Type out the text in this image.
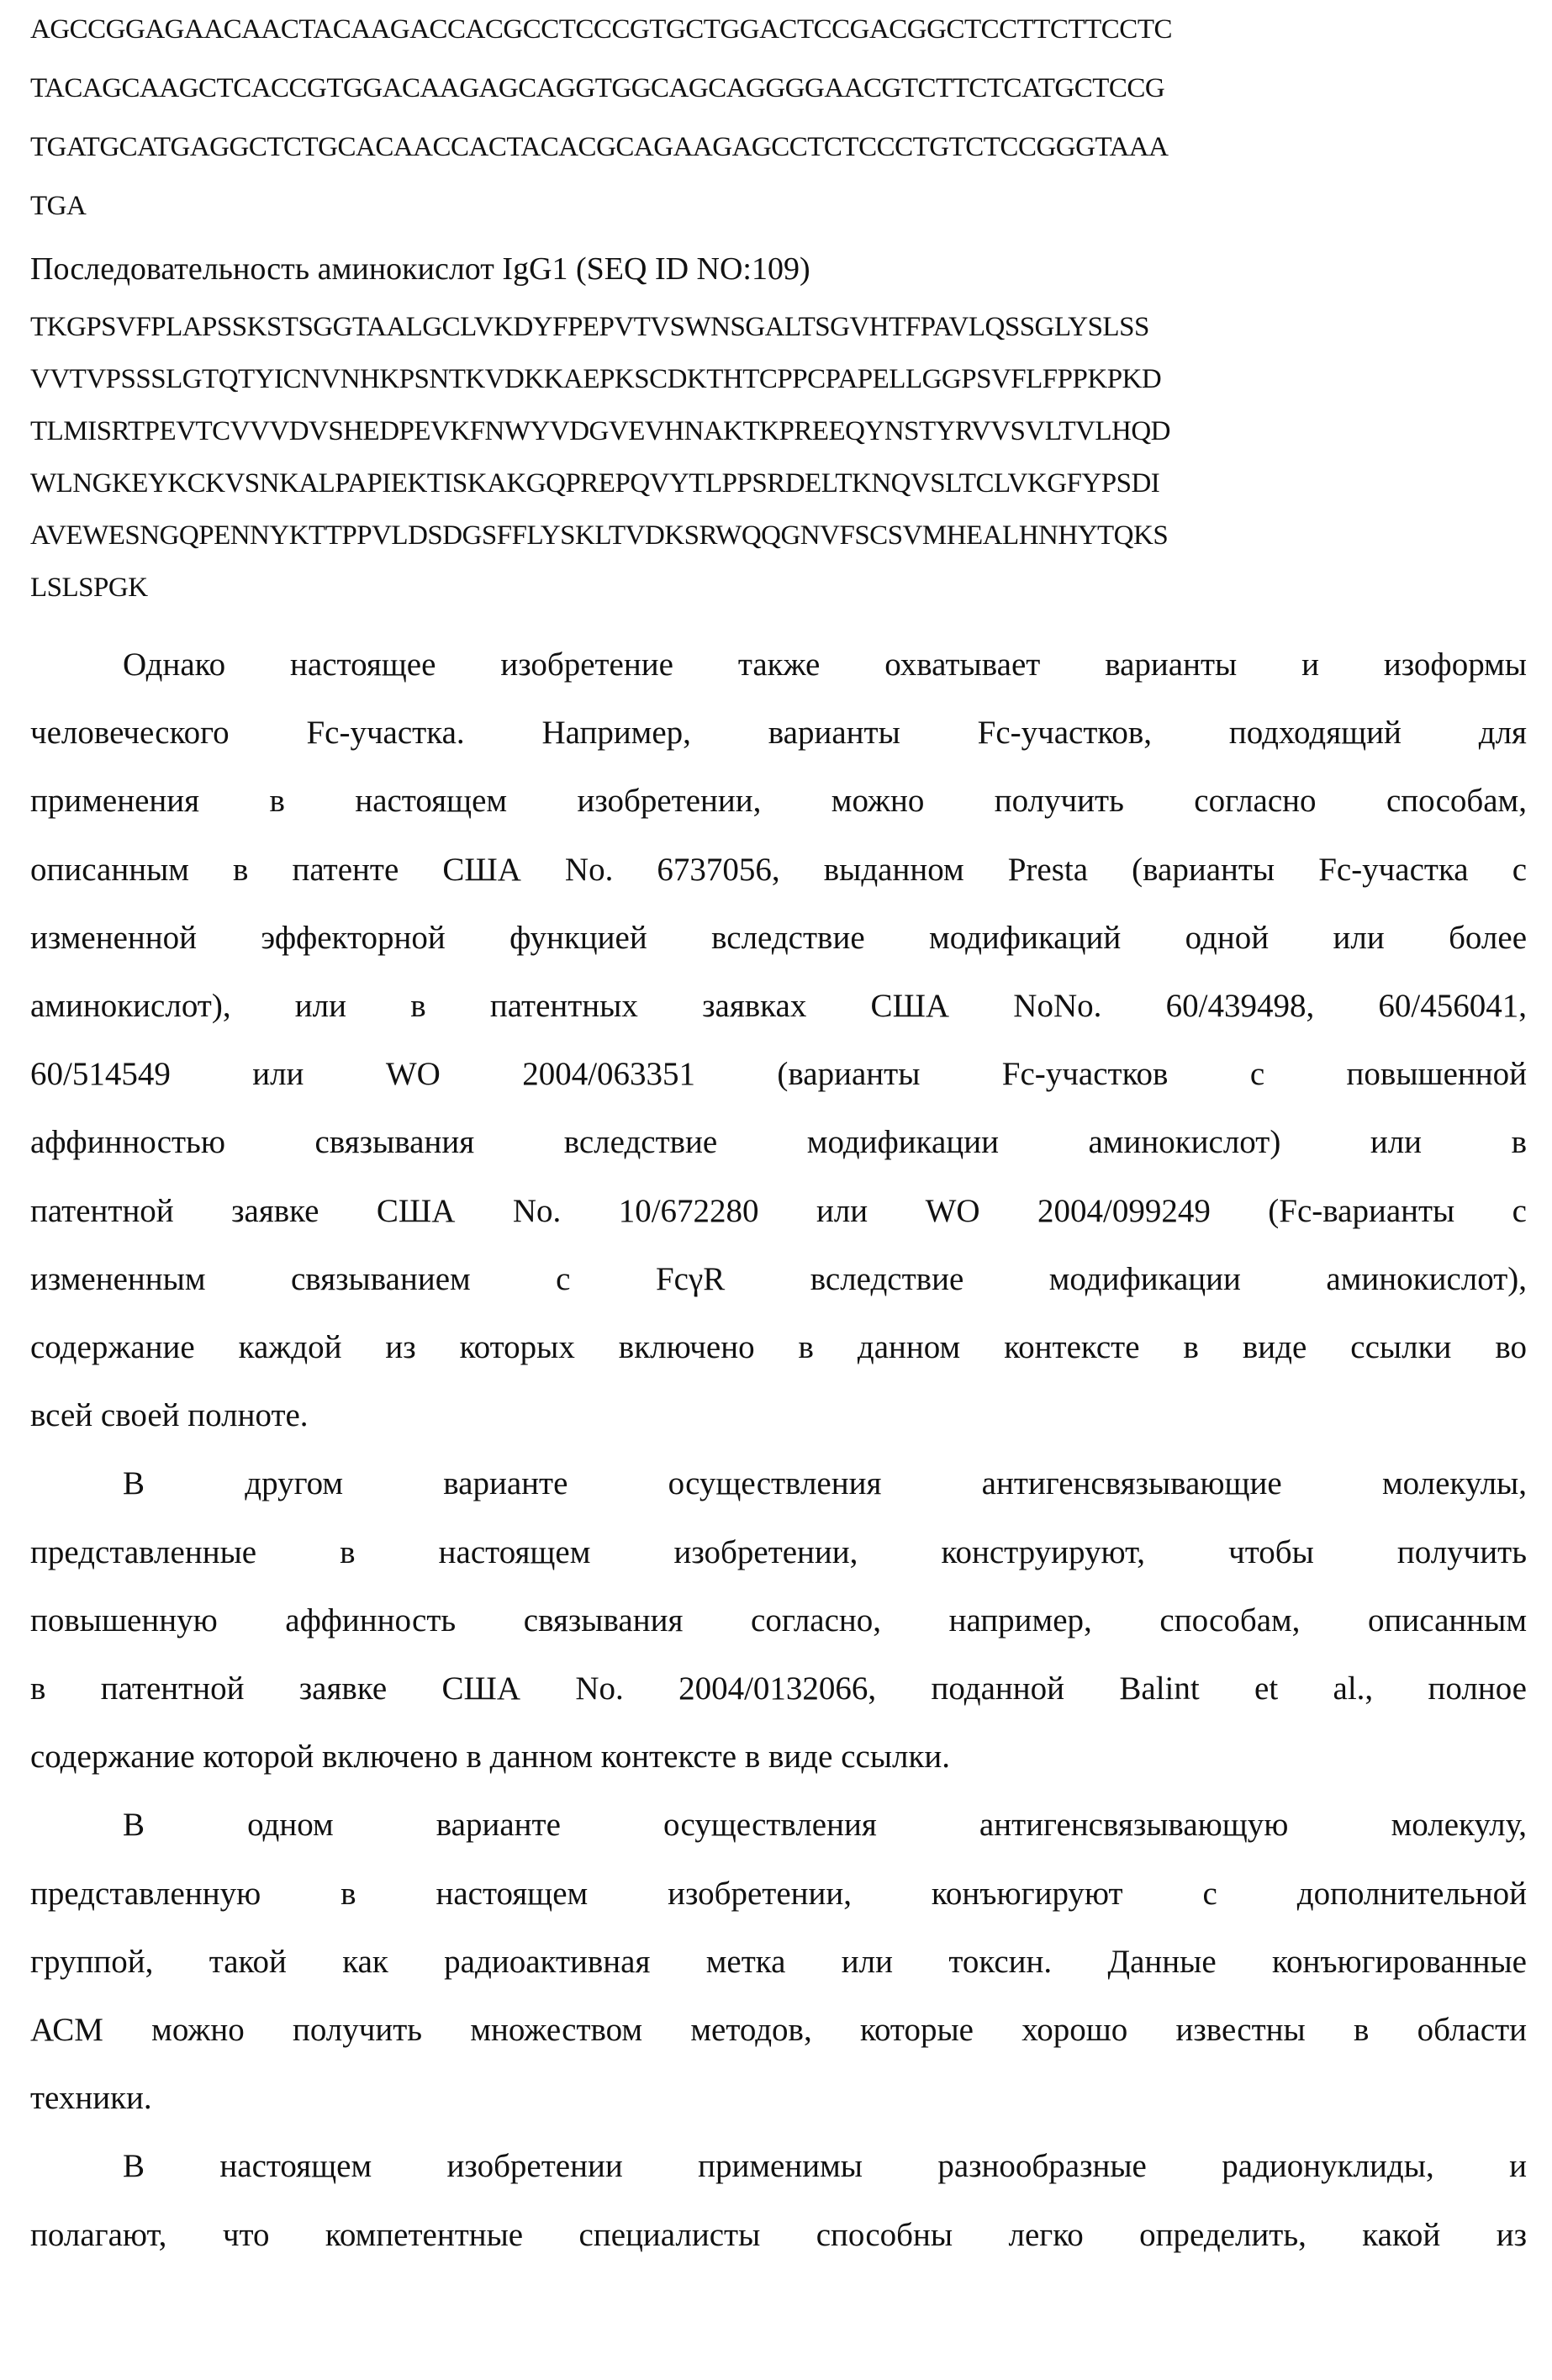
AGCCGGAGAACAACTACAAGACCACGCCTCCCGTGCTGGACTCCGACGGCTCCTTCTTCCTC
TACAGCAAGCTCACCGTGGACAAGAGCAGGTGGCAGCAGGGGAACGTCTTCTCATGCTCCG
TGATGCATGAGGCTCTGCACAACCACTACACGCAGAAGAGCCTCTCCCTGTCTCCGGGTAAA
TGA
Последовательность аминокислот IgG1 (SEQ ID NO:109)
TKGPSVFPLAPSSKSTSGGTAALGCLVKDYFPEPVTVSWNSGALTSGVHTFPAVLQSSGLYSLSS
VVTVPSSSLGTQTYICNVNHKPSNTKVDKKAEPKSCDKTHTCPPCPAPELLGGPSVFLFPPKPKD
TLMISRTPEVTCVVVDVSHEDPEVKFNWYVDGVEVHNAKTKPREEQYNSTYRVVSVLTVLHQD
WLNGKEYKCKVSNKALPAPIEKTISKAKGQPREPQVYTLPPSRDELTKNQVSLTCLVKGFYPSDI
AVEWESNGQPENNYKTTPPVLDSDGSFFLYSKLTVDKSRWQQGNVFSCSVMHEALHNHYTQKS
LSLSPGK
Однако настоящее изобретение также охватывает варианты и изоформы
человеческого Fc-участка. Например, варианты Fc-участков, подходящий для
применения в настоящем изобретении, можно получить согласно способам,
описанным в патенте США No. 6737056, выданном Presta (варианты Fc-участка с
измененной эффекторной функцией вследствие модификаций одной или более
аминокислот), или в патентных заявках США NoNo. 60/439498, 60/456041,
60/514549 или WO 2004/063351 (варианты Fc-участков с повышенной
аффинностью связывания вследствие модификации аминокислот) или в
патентной заявке США No. 10/672280 или WO 2004/099249 (Fc-варианты с
измененным связыванием с FcγR вследствие модификации аминокислот),
содержание каждой из которых включено в данном контексте в виде ссылки во
всей своей полноте.
В другом варианте осуществления антигенсвязывающие молекулы,
представленные в настоящем изобретении, конструируют, чтобы получить
повышенную аффинность связывания согласно, например, способам, описанным
в патентной заявке США No. 2004/0132066, поданной Balint et al., полное
содержание которой включено в данном контексте в виде ссылки.
В одном варианте осуществления антигенсвязывающую молекулу,
представленную в настоящем изобретении, конъюгируют с дополнительной
группой, такой как радиоактивная метка или токсин. Данные конъюгированные
АСМ можно получить множеством методов, которые хорошо известны в области
техники.
В настоящем изобретении применимы разнообразные радионуклиды, и
полагают, что компетентные специалисты способны легко определить, какой из
